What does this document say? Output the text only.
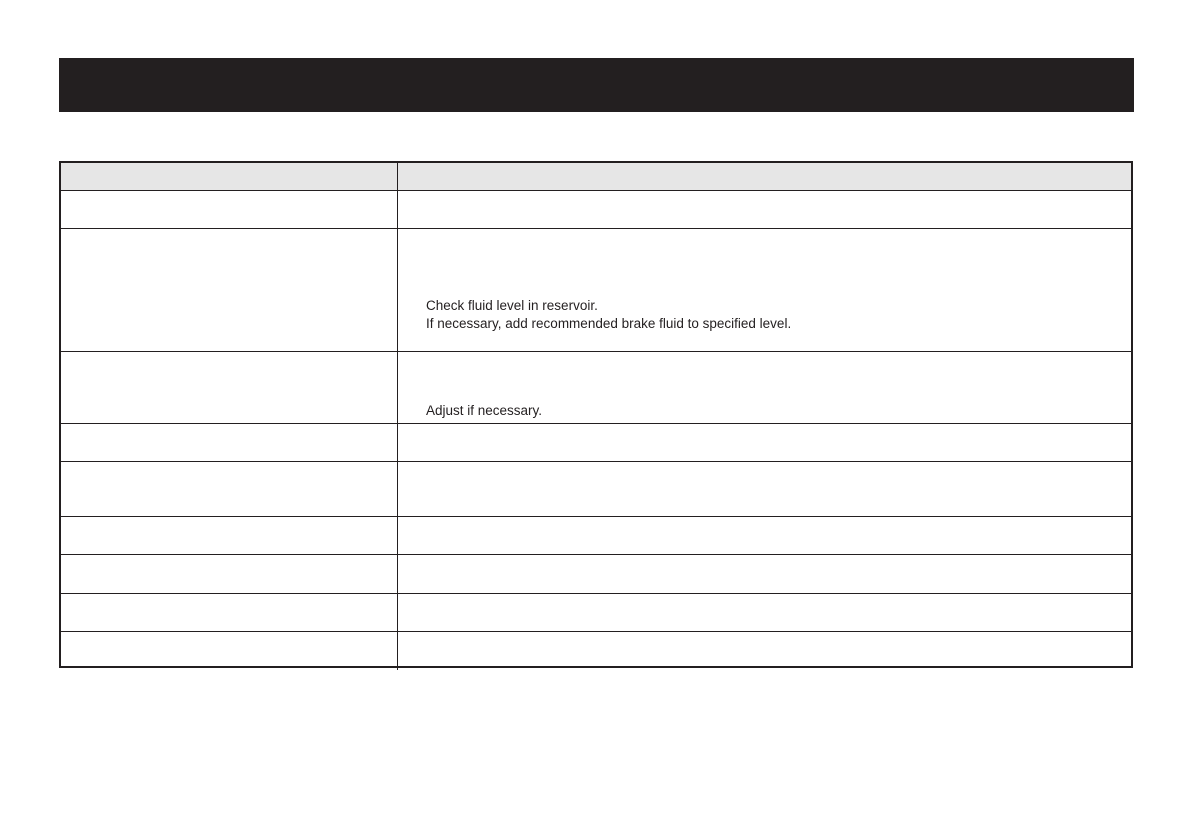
Check fluid level in reservoir.
If necessary, add recommended brake fluid to specified level.
Adjust if necessary.
